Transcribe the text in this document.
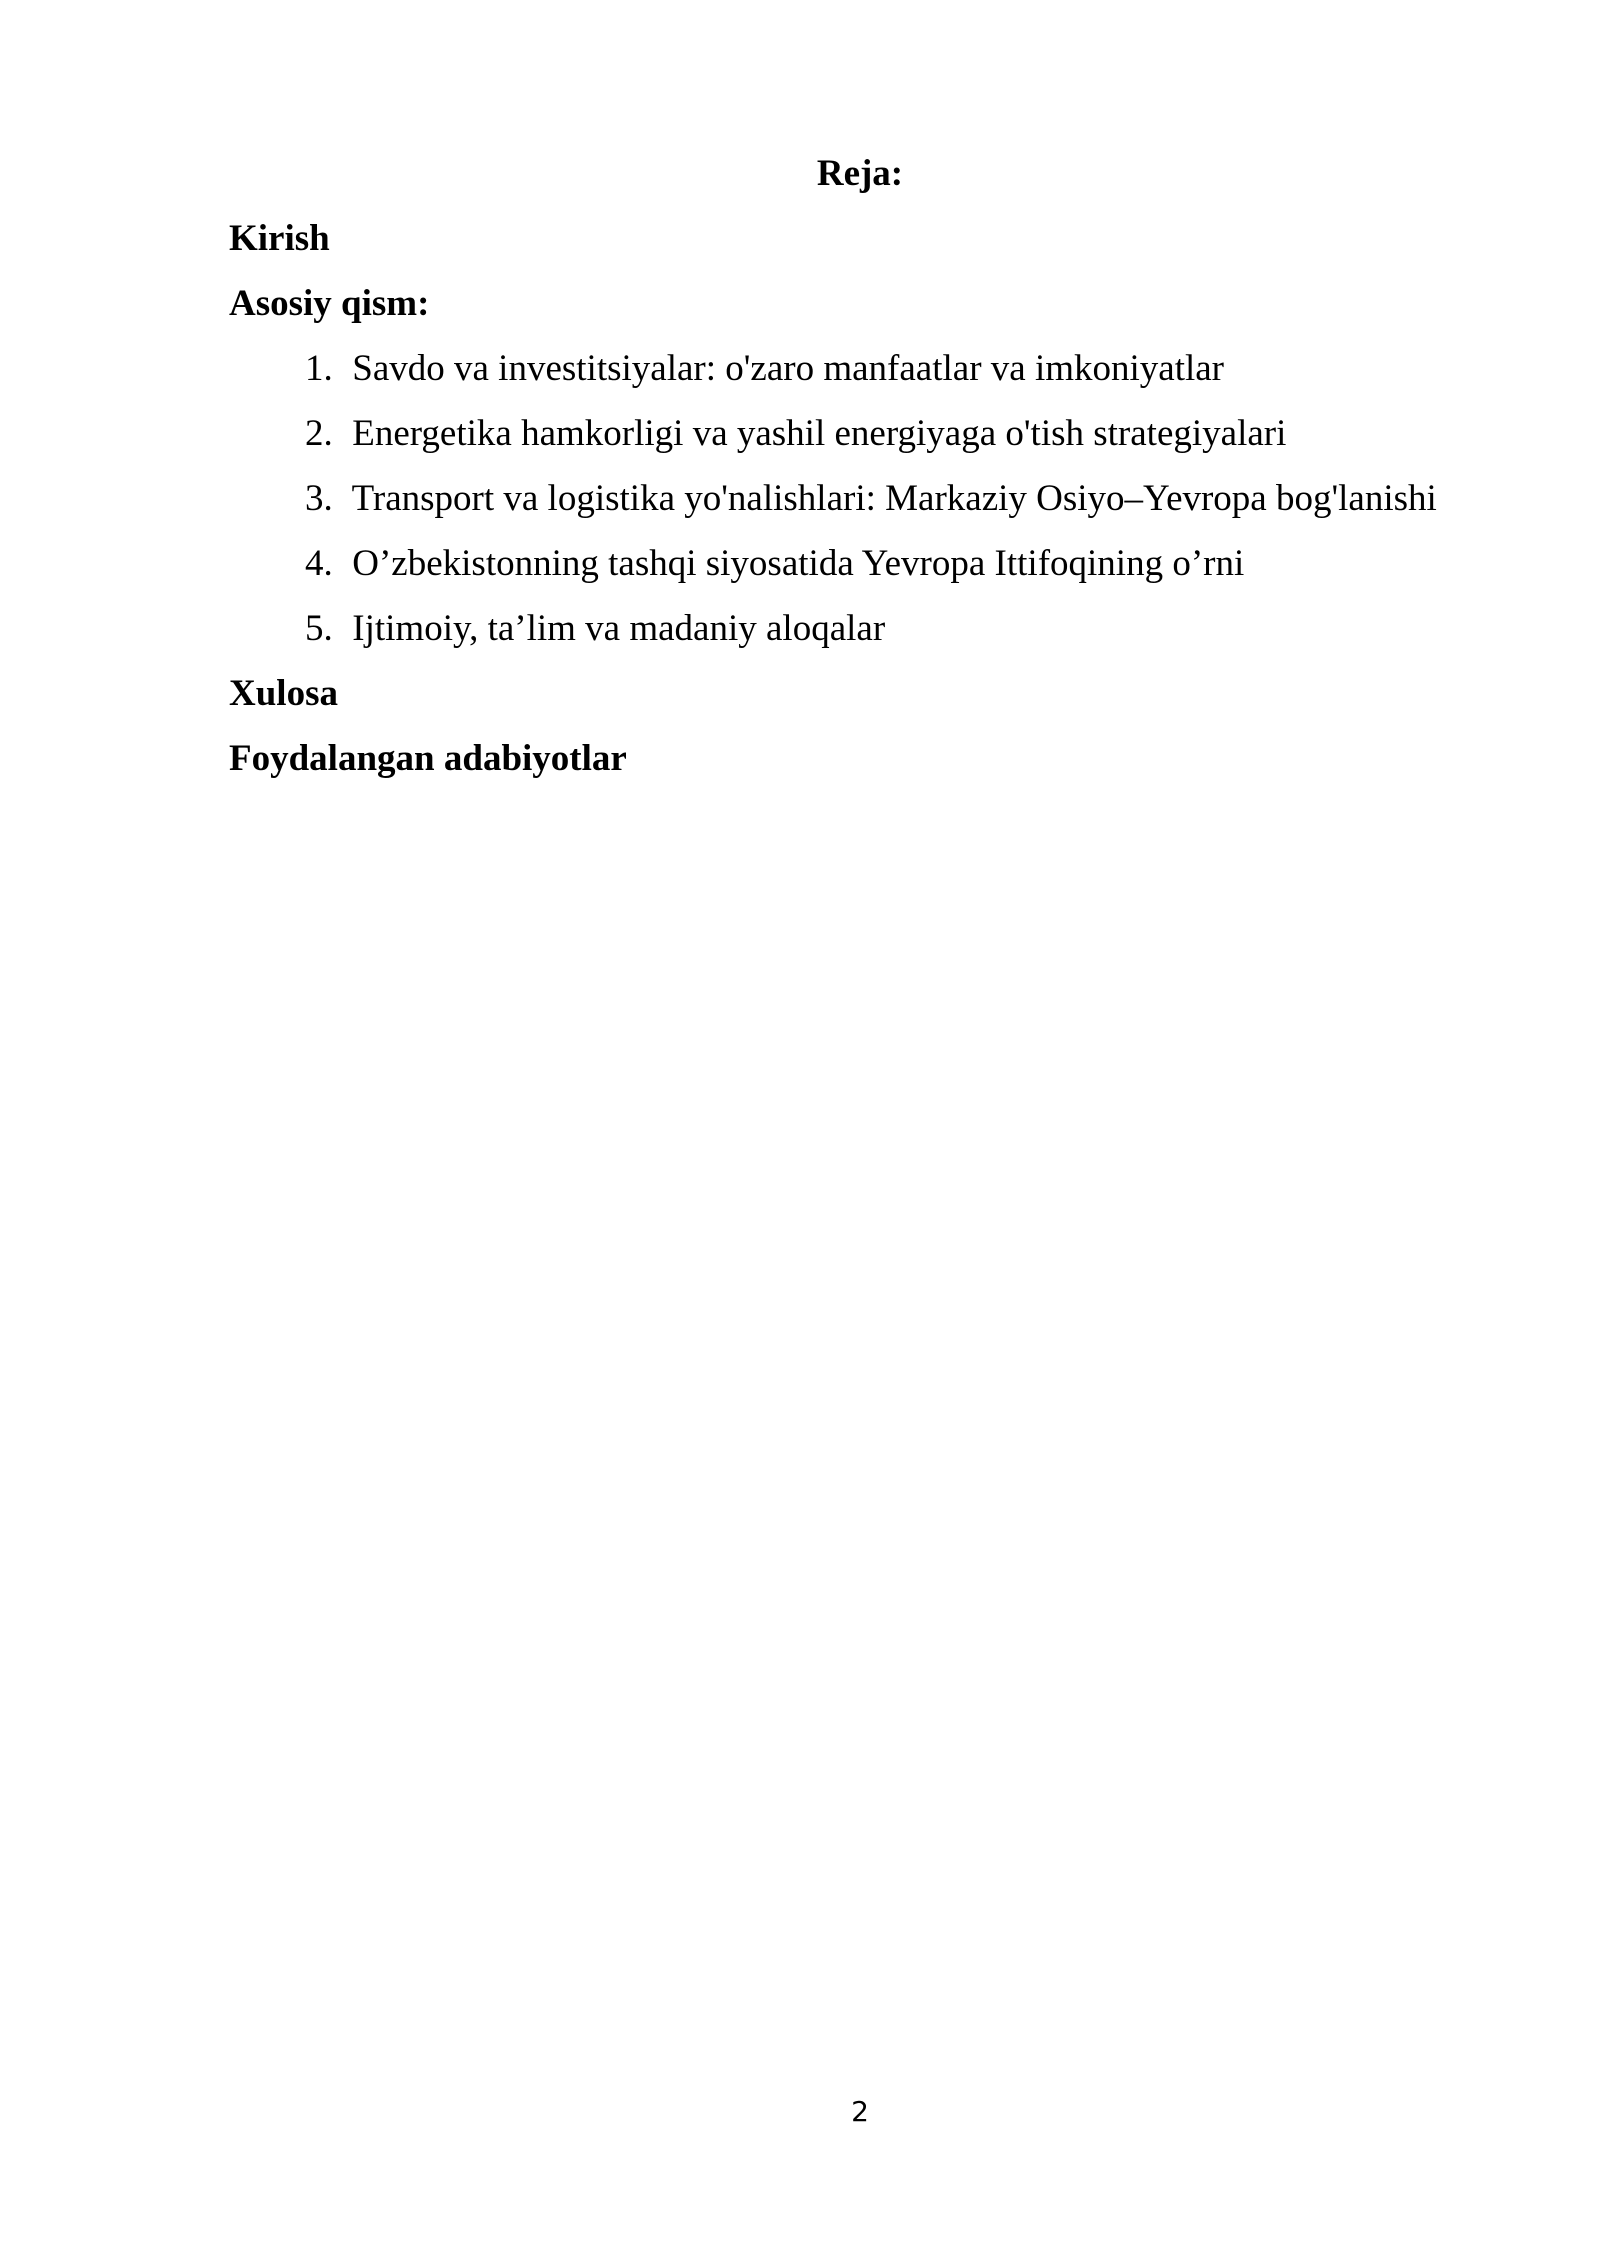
Reja:
Kirish
Asosiy qism:
1. Savdo va investitsiyalar: o'zaro manfaatlar va imkoniyatlar
2. Energetika hamkorligi va yashil energiyaga o'tish strategiyalari
3. Transport va logistika yo'nalishlari: Markaziy Osiyo–Yevropa bog'lanishi
4. O’zbekistonning tashqi siyosatida Yevropa Ittifoqining o’rni
5. Ijtimoiy, ta’lim va madaniy aloqalar
Xulosa
Foydalangan adabiyotlar
2
